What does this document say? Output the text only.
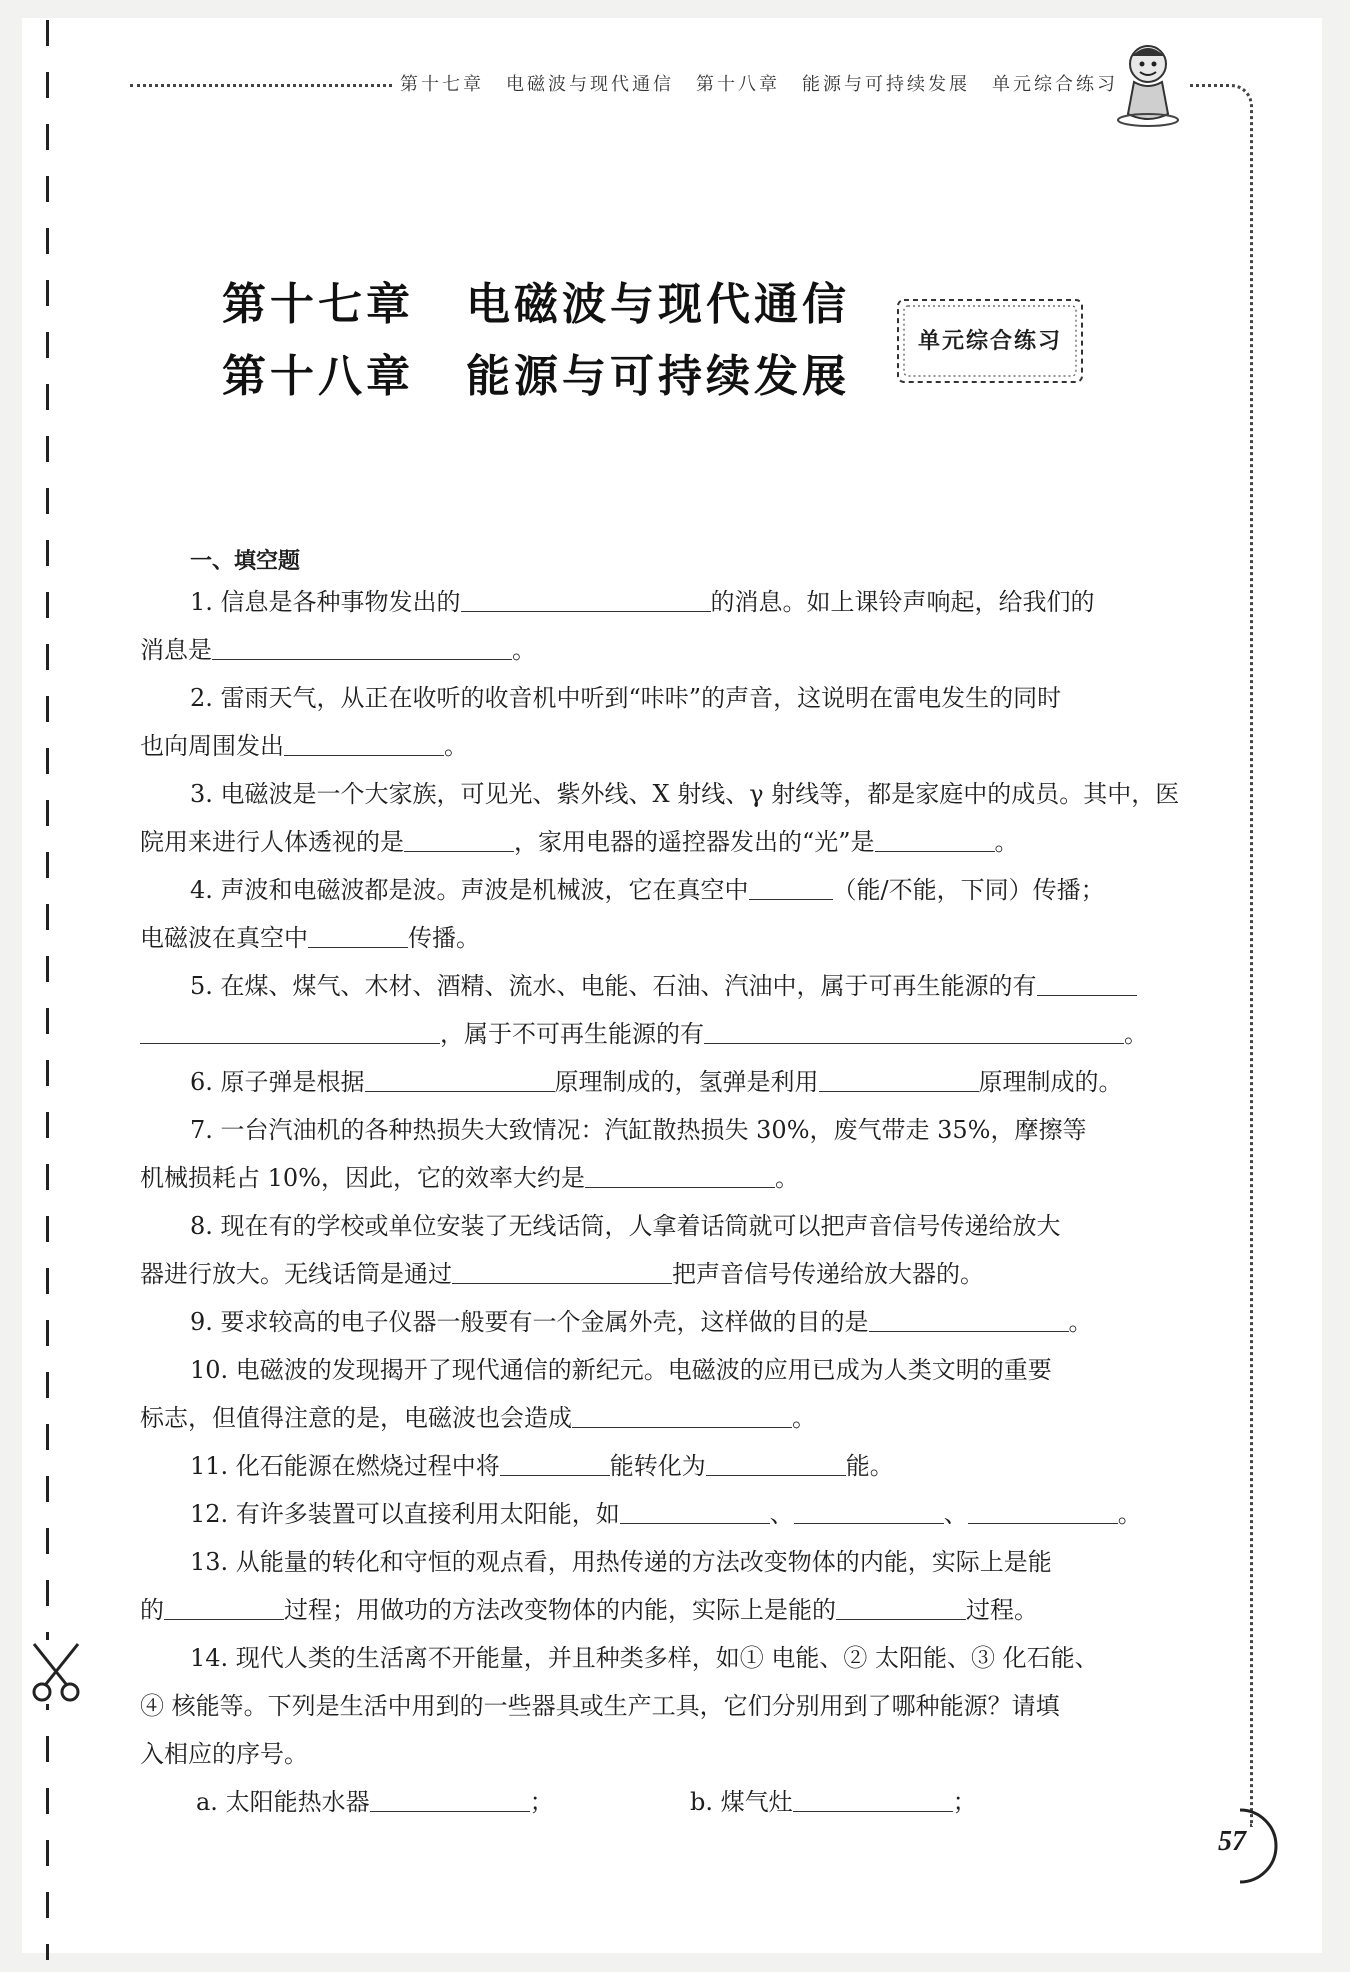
第十七章 电磁波与现代通信 第十八章 能源与可持续发展 单元综合练习
57
第十七章 电磁波与现代通信
第十八章 能源与可持续发展
单元综合练习
一、填空题
1. 信息是各种事物发出的	的消息。如上课铃声响起，给我们的
消息是	。
2. 雷雨天气，从正在收听的收音机中听到“咔咔”的声音，这说明在雷电发生的同时
也向周围发出	。
3. 电磁波是一个大家族，可见光、紫外线、X 射线、γ 射线等，都是家庭中的成员。其中，医
院用来进行人体透视的是	，家用电器的遥控器发出的“光”是	。
4. 声波和电磁波都是波。声波是机械波，它在真空中	（能/不能，下同）传播；
电磁波在真空中	传播。
5. 在煤、煤气、木材、酒精、流水、电能、石油、汽油中，属于可再生能源的有
，属于不可再生能源的有	。
6. 原子弹是根据	原理制成的，氢弹是利用	原理制成的。
7. 一台汽油机的各种热损失大致情况：汽缸散热损失 30%，废气带走 35%，摩擦等
机械损耗占 10%，因此，它的效率大约是	。
8. 现在有的学校或单位安装了无线话筒，人拿着话筒就可以把声音信号传递给放大
器进行放大。无线话筒是通过	把声音信号传递给放大器的。
9. 要求较高的电子仪器一般要有一个金属外壳，这样做的目的是	。
10. 电磁波的发现揭开了现代通信的新纪元。电磁波的应用已成为人类文明的重要
标志，但值得注意的是，电磁波也会造成	。
11. 化石能源在燃烧过程中将	能转化为	能。
12. 有许多装置可以直接利用太阳能，如	、	、	。
13. 从能量的转化和守恒的观点看，用热传递的方法改变物体的内能，实际上是能
的	过程；用做功的方法改变物体的内能，实际上是能的	过程。
14. 现代人类的生活离不开能量，并且种类多样，如① 电能、② 太阳能、③ 化石能、
④ 核能等。下列是生活中用到的一些器具或生产工具，它们分别用到了哪种能源？请填
入相应的序号。
a. 太阳能热水器	；	b. 煤气灶	；
